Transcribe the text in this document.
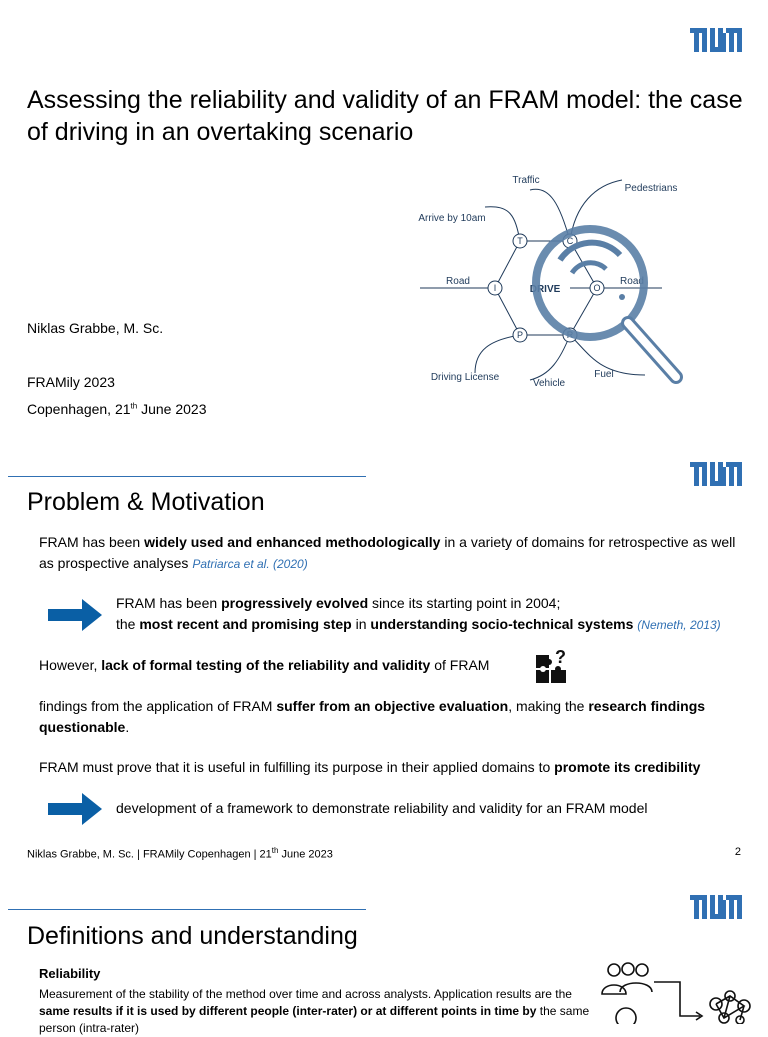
Assessing the reliability and validity of an FRAM model: the case of driving in an overtaking scenario
T	C
I	O
P	R
DRIVE
Traffic
Pedestrians
Arrive by 10am
Road	Road
Driving License
Vehicle
Fuel
Niklas Grabbe, M. Sc.
FRAMily 2023
Copenhagen, 21th June 2023
Problem & Motivation
FRAM has been widely used and enhanced methodologically in a variety of domains for retrospective as well as prospective analyses Patriarca et al. (2020)
FRAM has been progressively evolved since its starting point in 2004;
the most recent and promising step in understanding socio-technical systems (Nemeth, 2013)
However, lack of formal testing of the reliability and validity of FRAM	?
findings from the application of FRAM suffer from an objective evaluation, making the research findings questionable.
FRAM must prove that it is useful in fulfilling its purpose in their applied domains to promote its credibility
development of a framework to demonstrate reliability and validity for an FRAM model
Niklas Grabbe, M. Sc. | FRAMily Copenhagen | 21th June 2023	2
Definitions and understanding
Reliability
Measurement of the stability of the method over time and across analysts. Application results are the same results if it is used by different people (inter-rater) or at different points in time by the same person (intra-rater)
